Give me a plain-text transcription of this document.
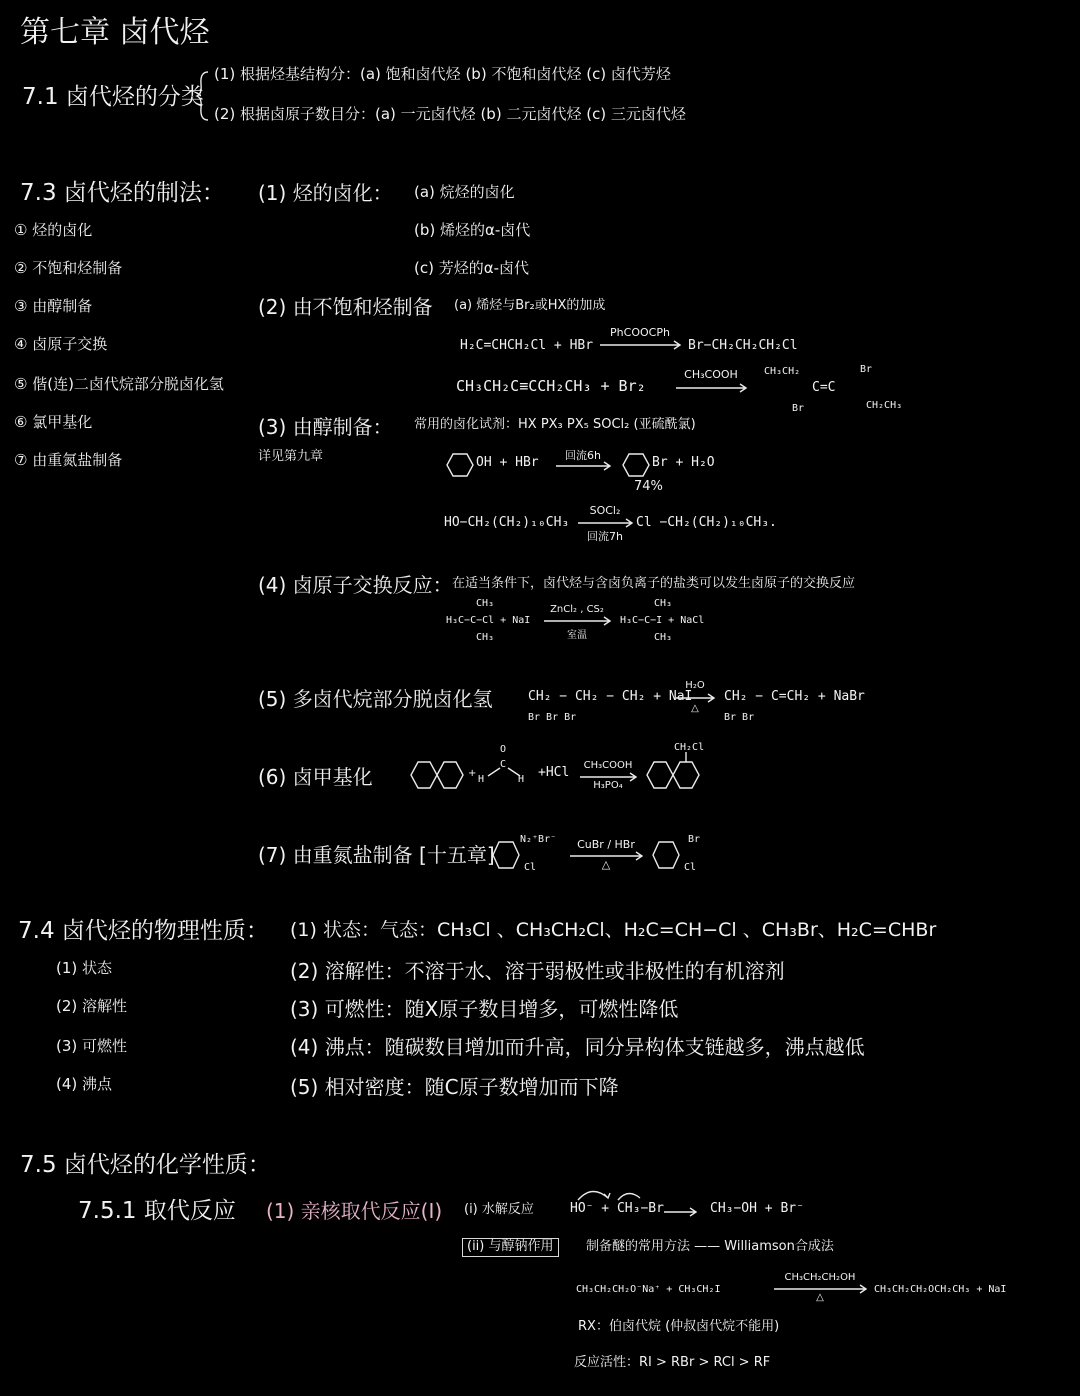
第七章 卤代烃
7.1 卤代烃的分类
(1) 根据烃基结构分：(a) 饱和卤代烃 (b) 不饱和卤代烃 (c) 卤代芳烃
(2) 根据卤原子数目分：(a) 一元卤代烃 (b) 二元卤代烃 (c) 三元卤代烃
7.3 卤代烃的制法：
① 烃的卤化
② 不饱和烃制备
③ 由醇制备
④ 卤原子交换
⑤ 偕(连)二卤代烷部分脱卤化氢
⑥ 氯甲基化
⑦ 由重氮盐制备
(1) 烃的卤化： (a) 烷烃的卤化
(b) 烯烃的α-卤代
(c) 芳烃的α-卤代
(2) 由不饱和烃制备 (a) 烯烃与Br₂或HX的加成
H₂C=CHCH₂Cl + HBr
PhCOOCPh
Br−CH₂CH₂CH₂Cl
CH₃CH₂C≡CCH₂CH₃ + Br₂
CH₃COOH	CH₃CH₂	Br
C=C
Br	CH₂CH₃
(3) 由醇制备： 常用的卤化试剂：HX PX₃ PX₅ SOCl₂ (亚硫酰氯)
详见第九章	OH + HBr	回流6h	Br + H₂O
74%
HO−CH₂(CH₂)₁₀CH₃
SOCl₂
回流7h
Cl −CH₂(CH₂)₁₀CH₃.
(4) 卤原子交换反应： 在适当条件下，卤代烃与含卤负离子的盐类可以发生卤原子的交换反应
CH₃
H₃C−C−Cl + NaI
CH₃
ZnCl₂ , CS₂
室温
CH₃
H₃C−C−I + NaCl
CH₃
(5) 多卤代烷部分脱卤化氢	CH₂ − CH₂ − CH₂ + NaI
Br Br Br
H₂O
△
CH₂ − C=CH₂ + NaBr
Br Br
(6) 卤甲基化	+
O
C
H	H +HCl	CH₃COOH
H₃PO₄
CH₂Cl
(7) 由重氮盐制备 [十五章]
N₂⁺Br⁻
Cl
CuBr / HBr
△
Br
Cl
7.4 卤代烃的物理性质：
(1) 状态
(2) 溶解性
(3) 可燃性
(4) 沸点
(1) 状态：气态：CH₃Cl 、CH₃CH₂Cl、H₂C=CH−Cl 、CH₃Br、H₂C=CHBr
(2) 溶解性：不溶于水、溶于弱极性或非极性的有机溶剂
(3) 可燃性：随X原子数目增多，可燃性降低
(4) 沸点：随碳数目增加而升高，同分异构体支链越多，沸点越低
(5) 相对密度：随C原子数增加而下降
7.5 卤代烃的化学性质：
7.5.1 取代反应 (1) 亲核取代反应(I) (i) 水解反应	HO⁻ + CH₃−Br	CH₃−OH + Br⁻
(ii) 与醇钠作用	制备醚的常用方法 —— Williamson合成法
CH₃CH₂CH₂O⁻Na⁺ + CH₃CH₂I
CH₃CH₂CH₂OH
△
CH₃CH₂CH₂OCH₂CH₃ + NaI
RX：伯卤代烷 (仲叔卤代烷不能用)
反应活性：RI > RBr > RCl > RF
